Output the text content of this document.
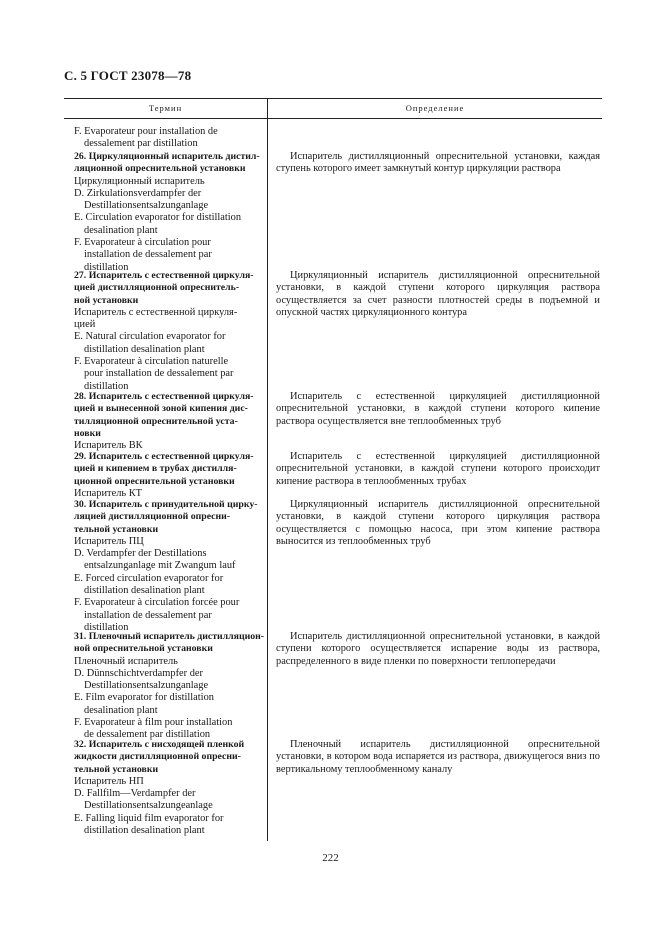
С. 5 ГОСТ 23078—78
Термин	Определение

F. Evaporateur pour installation de

dessalement par distillation

26. Циркуляционный испаритель дистил-

ляционной опреснительной установки

Циркуляционный испаритель

D. Zirkulationsverdampfer der

Destillationsentsalzunganlage

E. Circulation evaporator for distillation

desalination plant

F. Evaporateur à circulation pour

installation de dessalement par

distillation

Испаритель дистилляционный опреснительной установки, каждая ступень которого имеет замкнутый контур циркуляции раствора

27. Испаритель с естественной циркуля-

цией дистилляционной опреснитель-

ной установки

Испаритель с естественной циркуля-

цией

E. Natural circulation evaporator for

distillation desalination plant

F. Evaporateur à circulation naturelle

pour installation de dessalement par

distillation

Циркуляционный испаритель дистилляционной опреснительной установки, в каждой ступени которого циркуляция раствора осуществляется за счет разности плотностей среды в подъемной и опускной частях циркуляционного контура

28. Испаритель с естественной циркуля-

цией и вынесенной зоной кипения дис-

тилляционной опреснительной уста-

новки

Испаритель ВК

Испаритель с естественной циркуляцией дистилляционной опреснительной установки, в каждой ступени которого кипение раствора осуществляется вне теплообменных труб

29. Испаритель с естественной циркуля-

цией и кипением в трубах дистилля-

ционной опреснительной установки

Испаритель КТ

Испаритель с естественной циркуляцией дистилляционной опреснительной установки, в каждой ступени которого происходит кипение раствора в теплообменных трубах

30. Испаритель с принудительной цирку-

ляцией дистилляционной опресни-

тельной установки

Испаритель ПЦ

D. Verdampfer der Destillations

entsalzunganlage mit Zwangum lauf

E. Forced circulation evaporator for

distillation desalination plant

F. Evaporateur à circulation forcée pour

installation de dessalement par

distillation

Циркуляционный испаритель дистилляционной опреснительной установки, в каждой ступени которого циркуляция раствора осуществляется с помощью насоса, при этом кипение раствора выносится из теплообменных труб

31. Пленочный испаритель дистилляцион-

ной опреснительной установки

Пленочный испаритель

D. Dünnschichtverdampfer der

Destillationsentsalzunganlage

E. Film evaporator for distillation

desalination plant

F. Evaporateur à film pour installation

de dessalement par distillation

Испаритель дистилляционной опреснительной установки, в каждой ступени которого осуществляется испарение воды из раствора, распределенного в виде пленки по поверхности теплопередачи

32. Испаритель с нисходящей пленкой

жидкости дистилляционной опресни-

тельной установки

Испаритель НП

D. Fallfilm—Verdampfer der

Destillationsentsalzungeanlage

E. Falling liquid film evaporator for

distillation desalination plant

Пленочный испаритель дистилляционной опреснительной установки, в котором вода испаряется из раствора, движущегося вниз по вертикальному теплообменному каналу

222
